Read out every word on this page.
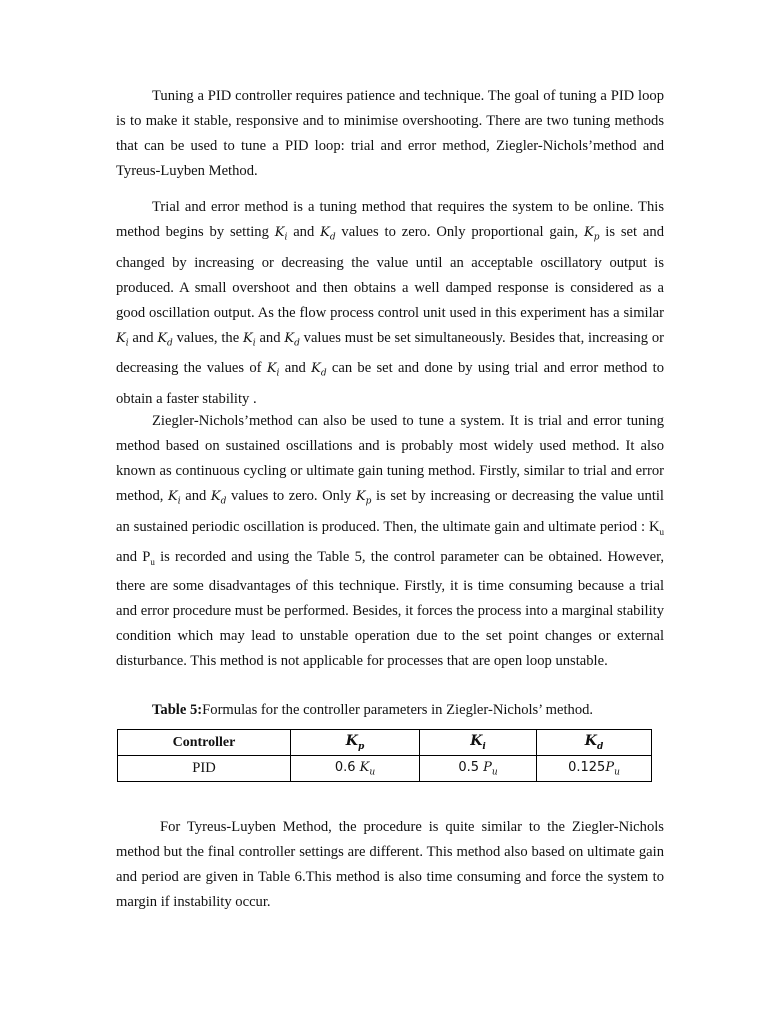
Tuning a PID controller requires patience and technique. The goal of tuning a PID loop is to make it stable, responsive and to minimise overshooting. There are two tuning methods that can be used to tune a PID loop: trial and error method, Ziegler-Nichols’method and Tyreus-Luyben Method.

Trial and error method is a tuning method that requires the system to be online. This method begins by setting $K_i$ and $K_d$ values to zero. Only proportional gain, $K_p$ is set and changed by increasing or decreasing the value until an acceptable oscillatory output is produced. A small overshoot and then obtains a well damped response is considered as a good oscillation output. As the flow process control unit used in this experiment has a similar $K_i$ and $K_d$ values, the $K_i$ and $K_d$ values must be set simultaneously. Besides that, increasing or decreasing the values of $K_i$ and $K_d$ can be set and done by using trial and error method to obtain a faster stability .

Ziegler-Nichols’method can also be used to tune a system. It is trial and error tuning method based on sustained oscillations and is probably most widely used method. It also known as continuous cycling or ultimate gain tuning method. Firstly, similar to trial and error method, $K_i$ and $K_d$ values to zero. Only $K_p$ is set by increasing or decreasing the value until an sustained periodic oscillation is produced. Then, the ultimate gain and ultimate period : $K_u$ and $P_u$ is recorded and using the Table 5, the control parameter can be obtained. However, there are some disadvantages of this technique. Firstly, it is time consuming because a trial and error procedure must be performed. Besides, it forces the process into a marginal stability condition which may lead to unstable operation due to the set point changes or external disturbance. This method is not applicable for processes that are open loop unstable.

Table 5:Formulas for the controller parameters in Ziegler-Nichols’ method.

Controller	$K_p$	$K_i$	$K_d$
PID	0.6 $K_u$	0.5 $P_u$	$0.125P_u$

For Tyreus-Luyben Method, the procedure is quite similar to the Ziegler-Nichols method but the final controller settings are different. This method also based on ultimate gain and period are given in Table 6.This method is also time consuming and force the system to margin if instability occur.
